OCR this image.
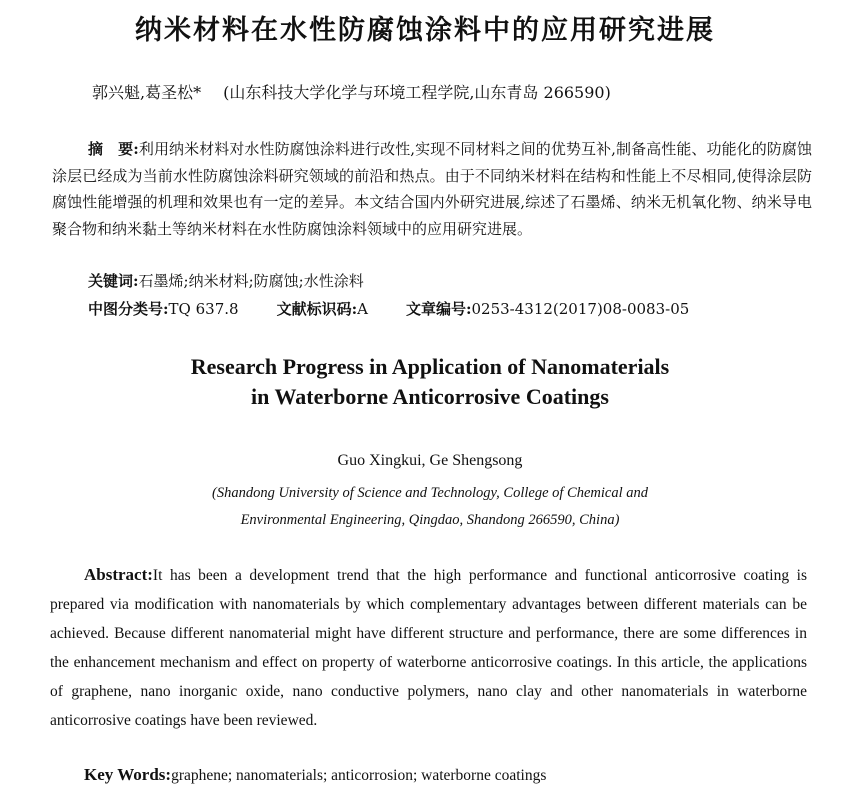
纳米材料在水性防腐蚀涂料中的应用研究进展
郭兴魁,葛圣松* (山东科技大学化学与环境工程学院,山东青岛 266590)
摘　要:利用纳米材料对水性防腐蚀涂料进行改性,实现不同材料之间的优势互补,制备高性能、功能化的防腐蚀涂层已经成为当前水性防腐蚀涂料研究领域的前沿和热点。由于不同纳米材料在结构和性能上不尽相同,使得涂层防腐蚀性能增强的机理和效果也有一定的差异。本文结合国内外研究进展,综述了石墨烯、纳米无机氧化物、纳米导电聚合物和纳米黏土等纳米材料在水性防腐蚀涂料领域中的应用研究进展。
关键词:石墨烯;纳米材料;防腐蚀;水性涂料
中图分类号:TQ 637.8	文献标识码:A	文章编号:0253-4312(2017)08-0083-05
Research Progress in Application of Nanomaterials
in Waterborne Anticorrosive Coatings
Guo Xingkui, Ge Shengsong
(Shandong University of Science and Technology, College of Chemical and
Environmental Engineering, Qingdao, Shandong 266590, China)
Abstract:It has been a development trend that the high performance and functional anticorrosive coating is prepared via modification with nanomaterials by which complementary advantages between different materials can be achieved. Because different nanomaterial might have different structure and performance, there are some differences in the enhancement mechanism and effect on property of waterborne anticorrosive coatings. In this article, the applications of graphene, nano inorganic oxide, nano conductive polymers, nano clay and other nanomaterials in waterborne anticorrosive coatings have been reviewed.
Key Words:graphene; nanomaterials; anticorrosion; waterborne coatings
